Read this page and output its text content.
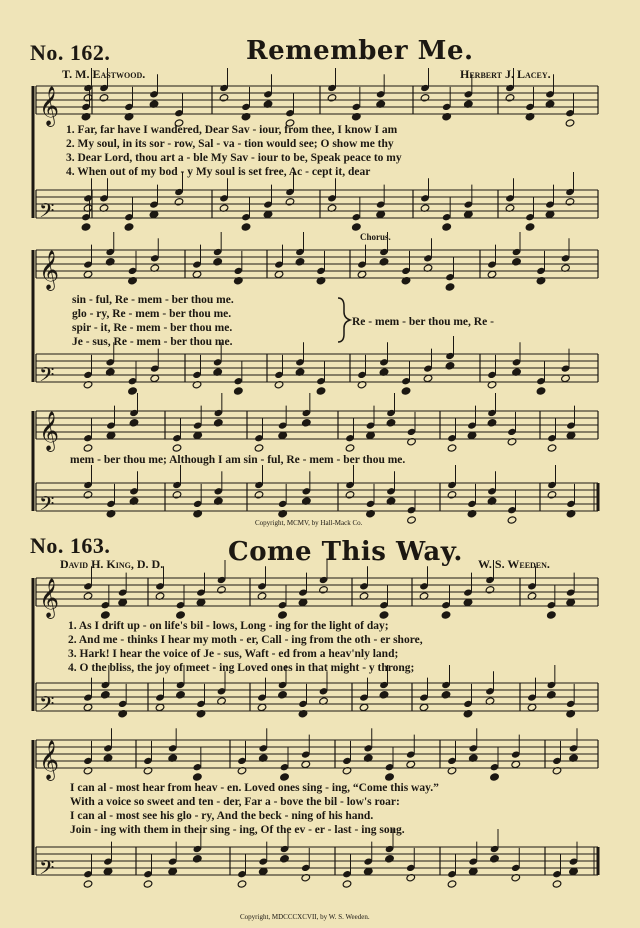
No. 162.	Remember Me.
T. M. Eastwood.	Herbert J. Lacey.
1. Far, far have I wandered, Dear Sav - iour, from thee, I know I am
2. My soul, in its sor - row, Sal - va - tion would see; O show me thy
3. Dear Lord, thou art a - ble My Sav - iour to be, Speak peace to my
4. When out of my bod - y My soul is set free, Ac - cept it, dear
Chorus.
sin - ful, Re - mem - ber thou me.
glo - ry, Re - mem - ber thou me.
spir - it, Re - mem - ber thou me.
Je - sus, Re - mem - ber thou me.
Re - mem - ber thou me, Re -
mem - ber thou me; Although I am sin - ful, Re - mem - ber thou me.
Copyright, MCMV, by Hall-Mack Co.
No. 163.	Come This Way.
David H. King, D. D.	W. S. Weeden.
1. As I drift up - on life's bil - lows, Long - ing for the light of day;
2. And me - thinks I hear my moth - er, Call - ing from the oth - er shore,
3. Hark! I hear the voice of Je - sus, Waft - ed from a heav'nly land;
4. O the bliss, the joy of meet - ing Loved ones in that might - y throng;
I can al - most hear from heav - en. Loved ones sing - ing, “Come this way.”
With a voice so sweet and ten - der, Far a - bove the bil - low's roar:
I can al - most see his glo - ry, And the beck - ning of his hand.
Join - ing with them in their sing - ing, Of the ev - er - last - ing song.
Copyright, MDCCCXCVII, by W. S. Weeden.
𝄞
𝄢
𝄞
𝄢
𝄞
𝄢
𝄞
𝄢
𝄞
𝄢
